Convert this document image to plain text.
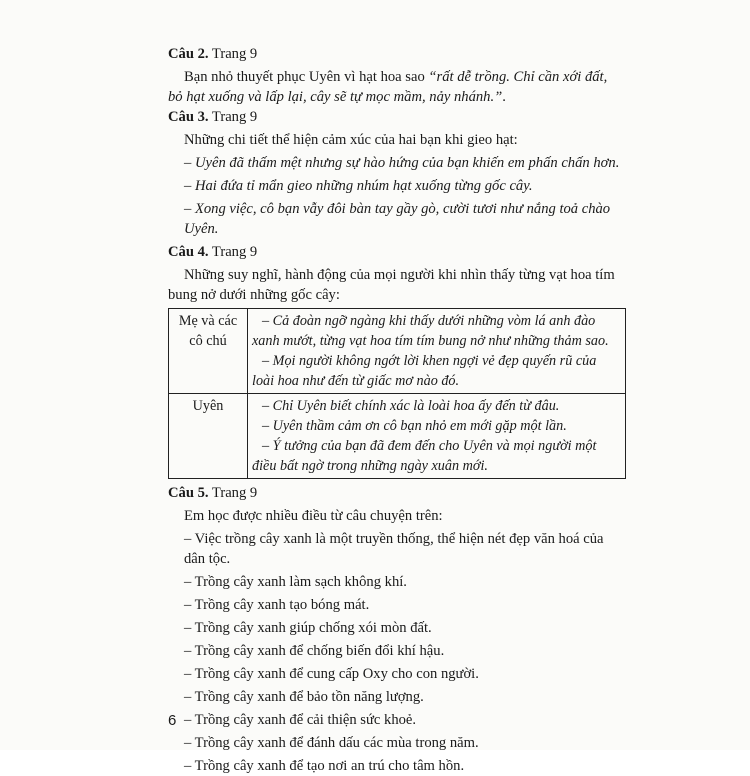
Câu 2. Trang 9

Bạn nhỏ thuyết phục Uyên vì hạt hoa sao “rất dễ trồng. Chỉ cần xới đất, bỏ hạt xuống và lấp lại, cây sẽ tự mọc mầm, nảy nhánh.”.

Câu 3. Trang 9

Những chi tiết thể hiện cảm xúc của hai bạn khi gieo hạt:

– Uyên đã thấm mệt nhưng sự hào hứng của bạn khiến em phấn chấn hơn.

– Hai đứa tỉ mẩn gieo những nhúm hạt xuống từng gốc cây.

– Xong việc, cô bạn vẫy đôi bàn tay gầy gò, cười tươi như nắng toả chào Uyên.

Câu 4. Trang 9

Những suy nghĩ, hành động của mọi người khi nhìn thấy từng vạt hoa tím bung nở dưới những gốc cây:

Mẹ và các cô chú	– Cả đoàn ngỡ ngàng khi thấy dưới những vòm lá anh đào xanh mướt, từng vạt hoa tím tím bung nở như những thảm sao.
– Mọi người không ngớt lời khen ngợi vẻ đẹp quyến rũ của loài hoa như đến từ giấc mơ nào đó.

Uyên	– Chỉ Uyên biết chính xác là loài hoa ấy đến từ đâu.
– Uyên thầm cảm ơn cô bạn nhỏ em mới gặp một lần.
– Ý tưởng của bạn đã đem đến cho Uyên và mọi người một điều bất ngờ trong những ngày xuân mới.

Câu 5. Trang 9

Em học được nhiều điều từ câu chuyện trên:

– Việc trồng cây xanh là một truyền thống, thể hiện nét đẹp văn hoá của dân tộc.

– Trồng cây xanh làm sạch không khí.

– Trồng cây xanh tạo bóng mát.

– Trồng cây xanh giúp chống xói mòn đất.

– Trồng cây xanh để chống biến đổi khí hậu.

– Trồng cây xanh để cung cấp Oxy cho con người.

– Trồng cây xanh để bảo tồn năng lượng.

– Trồng cây xanh để cải thiện sức khoẻ.

– Trồng cây xanh để đánh dấu các mùa trong năm.

– Trồng cây xanh để tạo nơi an trú cho tâm hồn.

6
